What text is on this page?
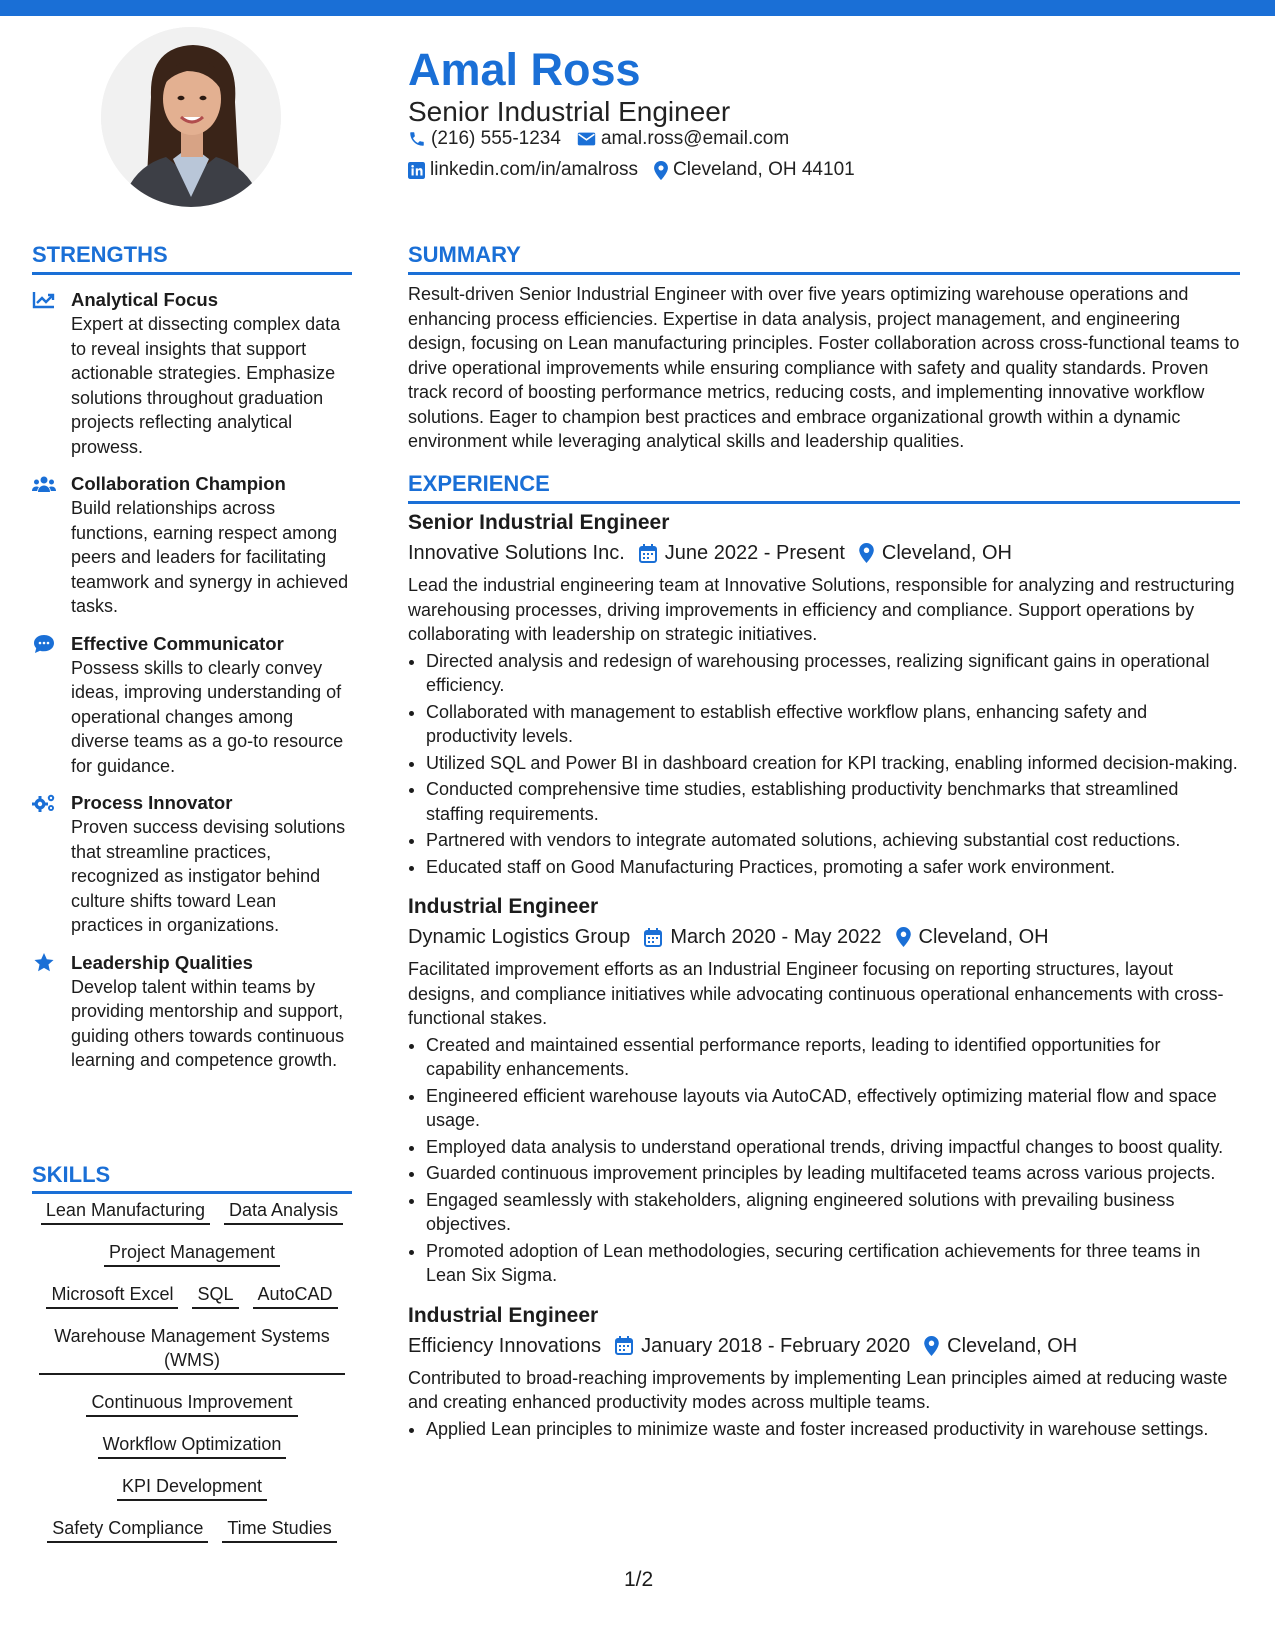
Amal Ross
Senior Industrial Engineer
(216) 555-1234 amal.ross@email.com
linkedin.com/in/amalross Cleveland, OH 44101
STRENGTHS
Analytical Focus
Expert at dissecting complex data to reveal insights that support actionable strategies. Emphasize solutions throughout graduation projects reflecting analytical prowess.
Collaboration Champion
Build relationships across functions, earning respect among peers and leaders for facilitating teamwork and synergy in achieved tasks.
Effective Communicator
Possess skills to clearly convey ideas, improving understanding of operational changes among diverse teams as a go-to resource for guidance.
Process Innovator
Proven success devising solutions that streamline practices, recognized as instigator behind culture shifts toward Lean practices in organizations.
Leadership Qualities
Develop talent within teams by providing mentorship and support, guiding others towards continuous learning and competence growth.
SKILLS
Lean Manufacturing Data Analysis
Project Management
Microsoft Excel SQL AutoCAD
Warehouse Management Systems (WMS)
Continuous Improvement
Workflow Optimization
KPI Development
Safety Compliance Time Studies
SUMMARY

Result-driven Senior Industrial Engineer with over five years optimizing warehouse operations and enhancing process efficiencies. Expertise in data analysis, project management, and engineering design, focusing on Lean manufacturing principles. Foster collaboration across cross-functional teams to drive operational improvements while ensuring compliance with safety and quality standards. Proven track record of boosting performance metrics, reducing costs, and implementing innovative workflow solutions. Eager to champion best practices and embrace organizational growth within a dynamic environment while leveraging analytical skills and leadership qualities.

EXPERIENCE
Senior Industrial Engineer
Innovative Solutions Inc. June 2022 - Present Cleveland, OH

Lead the industrial engineering team at Innovative Solutions, responsible for analyzing and restructuring warehousing processes, driving improvements in efficiency and compliance. Support operations by collaborating with leadership on strategic initiatives.

• Directed analysis and redesign of warehousing processes, realizing significant gains in operational efficiency.
• Collaborated with management to establish effective workflow plans, enhancing safety and productivity levels.
• Utilized SQL and Power BI in dashboard creation for KPI tracking, enabling informed decision-making.
• Conducted comprehensive time studies, establishing productivity benchmarks that streamlined staffing requirements.
• Partnered with vendors to integrate automated solutions, achieving substantial cost reductions.
• Educated staff on Good Manufacturing Practices, promoting a safer work environment.
Industrial Engineer
Dynamic Logistics Group March 2020 - May 2022 Cleveland, OH

Facilitated improvement efforts as an Industrial Engineer focusing on reporting structures, layout designs, and compliance initiatives while advocating continuous operational enhancements with cross-functional stakes.

• Created and maintained essential performance reports, leading to identified opportunities for capability enhancements.
• Engineered efficient warehouse layouts via AutoCAD, effectively optimizing material flow and space usage.
• Employed data analysis to understand operational trends, driving impactful changes to boost quality.
• Guarded continuous improvement principles by leading multifaceted teams across various projects.
• Engaged seamlessly with stakeholders, aligning engineered solutions with prevailing business objectives.
• Promoted adoption of Lean methodologies, securing certification achievements for three teams in Lean Six Sigma.
Industrial Engineer
Efficiency Innovations January 2018 - February 2020 Cleveland, OH

Contributed to broad-reaching improvements by implementing Lean principles aimed at reducing waste and creating enhanced productivity modes across multiple teams.

• Applied Lean principles to minimize waste and foster increased productivity in warehouse settings.
1/2
